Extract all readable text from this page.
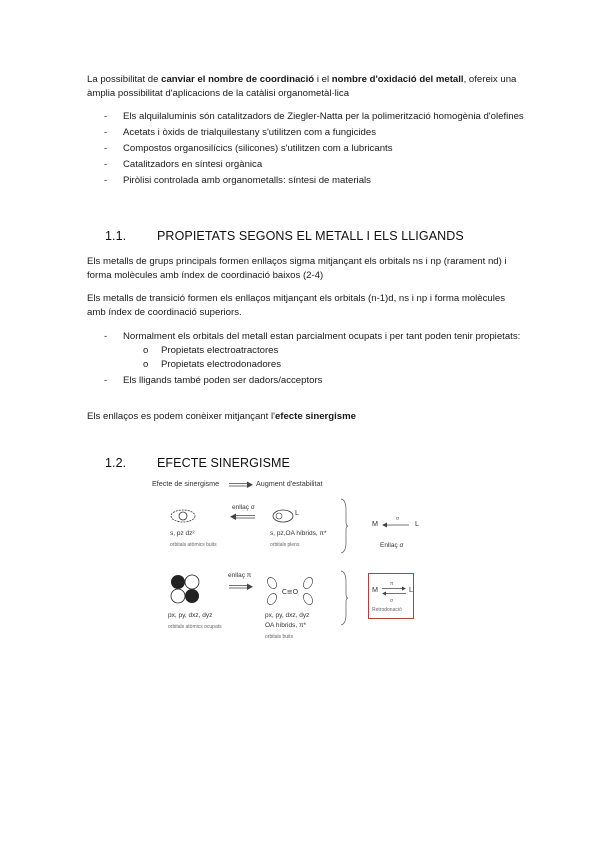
La possibilitat de canviar el nombre de coordinació i el nombre d'oxidació del metall, ofereix una àmplia possibilitat d'aplicacions de la catàlisi organometàl·lica

- Els alquilaluminis són catalitzadors de Ziegler-Natta per la polimerització homogènia d'olefines
- Acetats i òxids de trialquilestany s'utilitzen com a fungicides
- Compostos organosilícics (silicones) s'utilitzen com a lubricants
- Catalitzadors en síntesi orgànica
- Piròlisi controlada amb organometalls: síntesi de materials
1.1. PROPIETATS SEGONS EL METALL I ELS LLIGANDS

Els metalls de grups principals formen enllaços sigma mitjançant els orbitals ns i np (rarament nd) i forma molècules amb índex de coordinació baixos (2-4)

Els metalls de transició formen els enllaços mitjançant els orbitals (n-1)d, ns i np i forma molècules amb índex de coordinació superiors.

- Normalment els orbitals del metall estan parcialment ocupats i per tant poden tenir propietats:
o Propietats electroatractores
o Propietats electrodonadores
- Els lligands també poden ser dadors/acceptors

Els enllaços es podem conèixer mitjançant l'efecte sinergisme

1.2. EFECTE SINERGISME
Efecte de sinergisme	Augment d'estabilitat
enllaç σ
L
s, pz dz²
orbitals atòmics buits
s, pz,OA híbrids, π*
orbitals plens
M	σ L
Enllaç σ
enllaç π
C≡O
px, py, dxz, dyz
orbitals atòmics ocupats
px, py, dxz, dyz
OA híbrids, π*
orbitals buits
π
M	L
σ
Retrodonació
